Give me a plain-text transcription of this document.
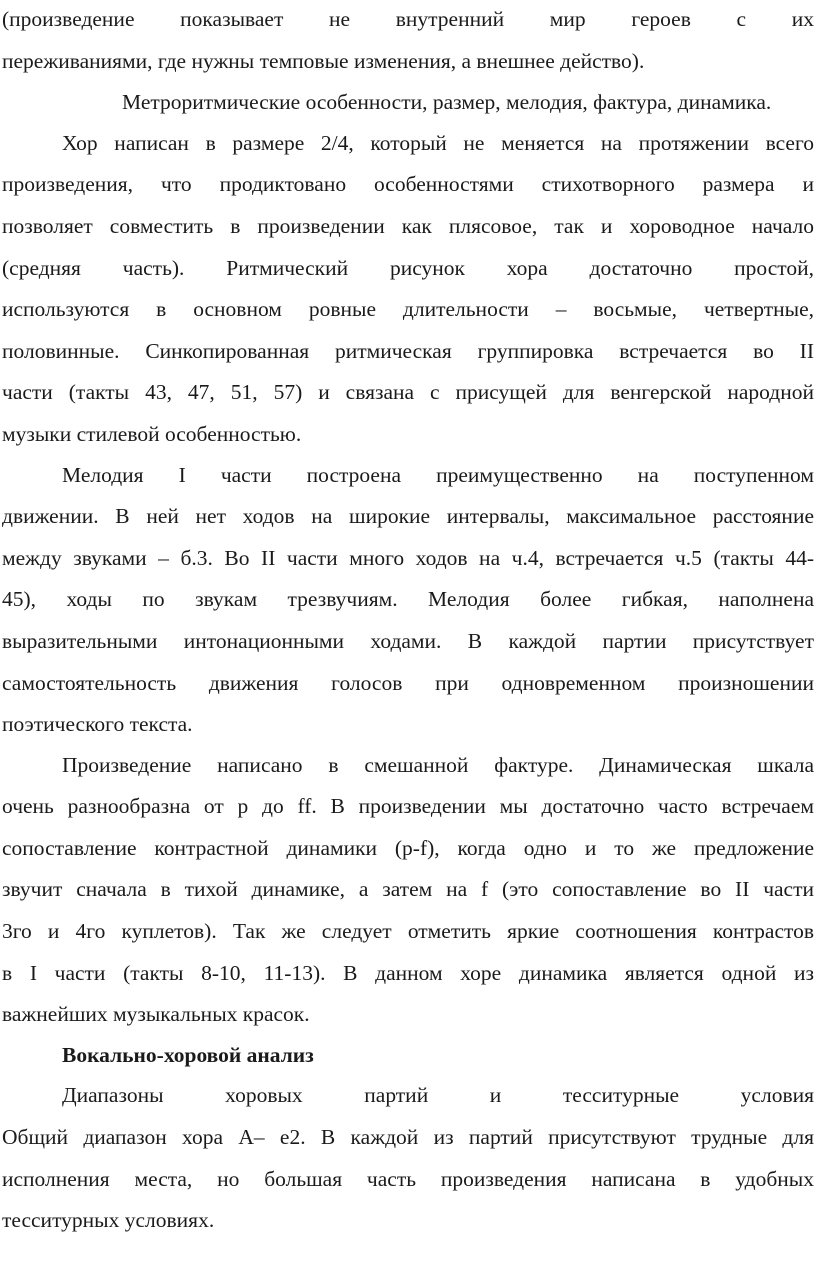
(произведение показывает не внутренний мир героев с их
переживаниями, где нужны темповые изменения, а внешнее действо).
Метроритмические особенности, размер, мелодия, фактура, динамика.
Хор написан в размере 2/4, который не меняется на протяжении всего
произведения, что продиктовано особенностями стихотворного размера и
позволяет совместить в произведении как плясовое, так и хороводное начало
(средняя часть). Ритмический рисунок хора достаточно простой,
используются в основном ровные длительности – восьмые, четвертные,
половинные. Синкопированная ритмическая группировка встречается во II
части (такты 43, 47, 51, 57) и связана с присущей для венгерской народной
музыки стилевой особенностью.
Мелодия I части построена преимущественно на поступенном
движении. В ней нет ходов на широкие интервалы, максимальное расстояние
между звуками – б.3. Во II части много ходов на ч.4, встречается ч.5 (такты 44-
45), ходы по звукам трезвучиям. Мелодия более гибкая, наполнена
выразительными интонационными ходами. В каждой партии присутствует
самостоятельность движения голосов при одновременном произношении
поэтического текста.
Произведение написано в смешанной фактуре. Динамическая шкала
очень разнообразна от p до ff. В произведении мы достаточно часто встречаем
сопоставление контрастной динамики (p-f), когда одно и то же предложение
звучит сначала в тихой динамике, а затем на f (это сопоставление во II части
3го и 4го куплетов). Так же следует отметить яркие соотношения контрастов
в I части (такты 8-10, 11-13). В данном хоре динамика является одной из
важнейших музыкальных красок.
Вокально-хоровой анализ
Диапазоны хоровых партий и тесситурные условия
Общий диапазон хора А– е2. В каждой из партий присутствуют трудные для
исполнения места, но большая часть произведения написана в удобных
тесситурных условиях.
